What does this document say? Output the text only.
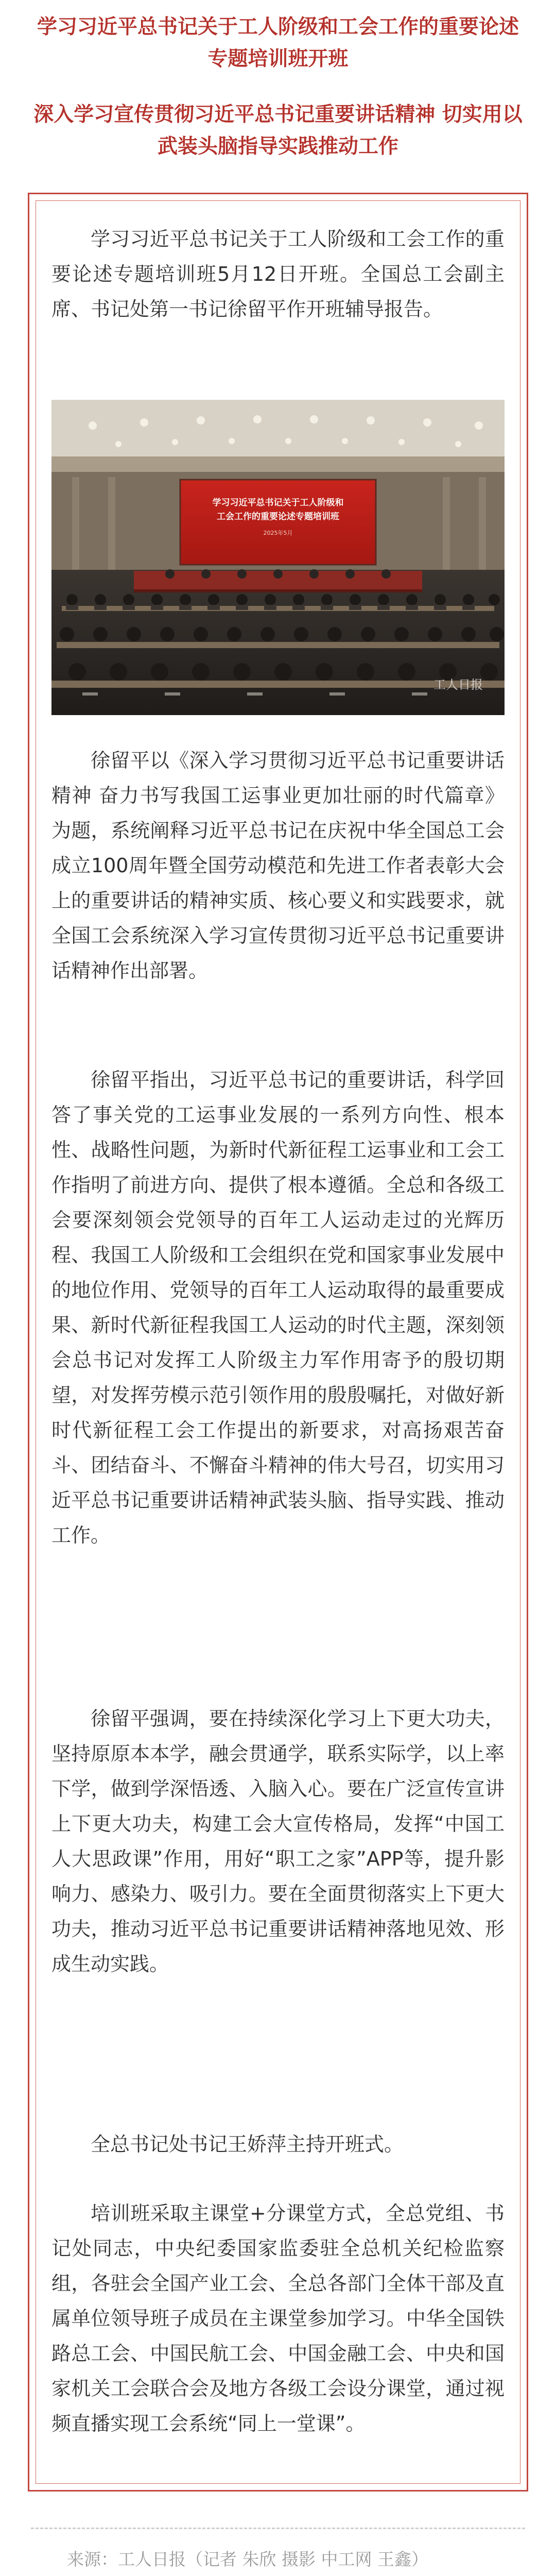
学习习近平总书记关于工人阶级和工会工作的重要论述专题培训班开班
深入学习宣传贯彻习近平总书记重要讲话精神 切实用以武装头脑指导实践推动工作

学习习近平总书记关于工人阶级和工会工作的重要论述专题培训班5月12日开班。全国总工会副主席、书记处第一书记徐留平作开班辅导报告。

学习习近平总书记关于工人阶级和
工会工作的重要论述专题培训班
2025年5月
工人日报

徐留平以《深入学习贯彻习近平总书记重要讲话精神 奋力书写我国工运事业更加壮丽的时代篇章》为题，系统阐释习近平总书记在庆祝中华全国总工会成立100周年暨全国劳动模范和先进工作者表彰大会上的重要讲话的精神实质、核心要义和实践要求，就全国工会系统深入学习宣传贯彻习近平总书记重要讲话精神作出部署。

徐留平指出，习近平总书记的重要讲话，科学回答了事关党的工运事业发展的一系列方向性、根本性、战略性问题，为新时代新征程工运事业和工会工作指明了前进方向、提供了根本遵循。全总和各级工会要深刻领会党领导的百年工人运动走过的光辉历程、我国工人阶级和工会组织在党和国家事业发展中的地位作用、党领导的百年工人运动取得的最重要成果、新时代新征程我国工人运动的时代主题，深刻领会总书记对发挥工人阶级主力军作用寄予的殷切期望，对发挥劳模示范引领作用的殷殷嘱托，对做好新时代新征程工会工作提出的新要求，对高扬艰苦奋斗、团结奋斗、不懈奋斗精神的伟大号召，切实用习近平总书记重要讲话精神武装头脑、指导实践、推动工作。

徐留平强调，要在持续深化学习上下更大功夫，坚持原原本本学，融会贯通学，联系实际学，以上率下学，做到学深悟透、入脑入心。要在广泛宣传宣讲上下更大功夫，构建工会大宣传格局，发挥“中国工人大思政课”作用，用好“职工之家”APP等，提升影响力、感染力、吸引力。要在全面贯彻落实上下更大功夫，推动习近平总书记重要讲话精神落地见效、形成生动实践。

全总书记处书记王娇萍主持开班式。

培训班采取主课堂+分课堂方式，全总党组、书记处同志，中央纪委国家监委驻全总机关纪检监察组，各驻会全国产业工会、全总各部门全体干部及直属单位领导班子成员在主课堂参加学习。中华全国铁路总工会、中国民航工会、中国金融工会、中央和国家机关工会联合会及地方各级工会设分课堂，通过视频直播实现工会系统“同上一堂课”。

来源：工人日报（记者 朱欣 摄影 中工网 王鑫）
